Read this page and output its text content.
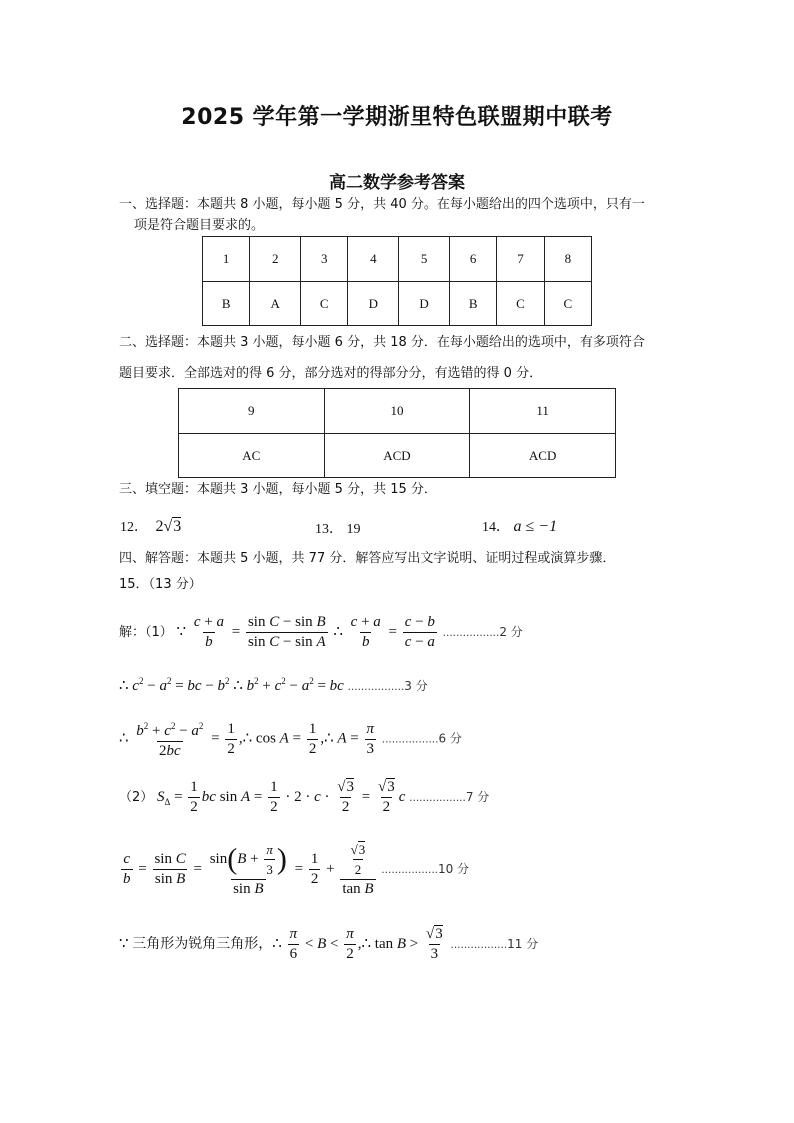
2025 学年第一学期浙里特色联盟期中联考
高二数学参考答案
一、选择题：本题共 8 小题，每小题 5 分，共 40 分。在每小题给出的四个选项中，只有一
项是符合题目要求的。
1	2	3	4	5	6	7	8
B	A	C	D	D	B	C	C
二、选择题：本题共 3 小题，每小题 6 分，共 18 分．在每小题给出的选项中，有多项符合
题目要求．全部选对的得 6 分，部分选对的得部分分，有选错的得 0 分．
9	10	11
AC	ACD	ACD
三、填空题：本题共 3 小题，每小题 5 分，共 15 分．
12． 2√3	13． 19	14． a ≤ −1
四、解答题：本题共 5 小题，共 77 分．解答应写出文字说明、证明过程或演算步骤．
15．（13 分）
解：（1） ∵ $\frac{c + a}{b} = \frac{\text{sin C − sin B}}{\text{sin C − sin A}}$ ∴ $\frac{c + a}{b} = \frac{c - b}{c - a} .................2$ 分
∴ $c^2 - a^2$ = bc − $b^2$ ∴ $b^2 + c^2 - a^2$ = bc .................3 分
∴ $\frac{b^2 + c^2 - a^2}{2bc} = \frac{1}{2}$ ,∴ $\cos A = \frac{1}{2}$ ,∴ $A = \frac{\pi}{3} .................6$ 分
（2） $S_\Delta = \frac{1}{2}$ bc $\sin A = \frac{1}{2} \cdot 2 \cdot c \cdot \frac{√3}{2} = \frac{√3}{2}$ c .................7 分
$\frac{c}{b} = \frac{\text{sin C}}{\text{sin B}} = \frac{\sin(B + \frac{\pi}{3} )}{\text{sin B}} = \frac{1}{2} + \frac{\frac{√3}{2}}{\text{tan B}} .................10$ 分
∵ 三角形为锐角三角形，∴ $\frac{\pi}{6} < B < \frac{\pi}{2}$ ,∴ $\tan B > \frac{√3}{3} .................11$ 分
